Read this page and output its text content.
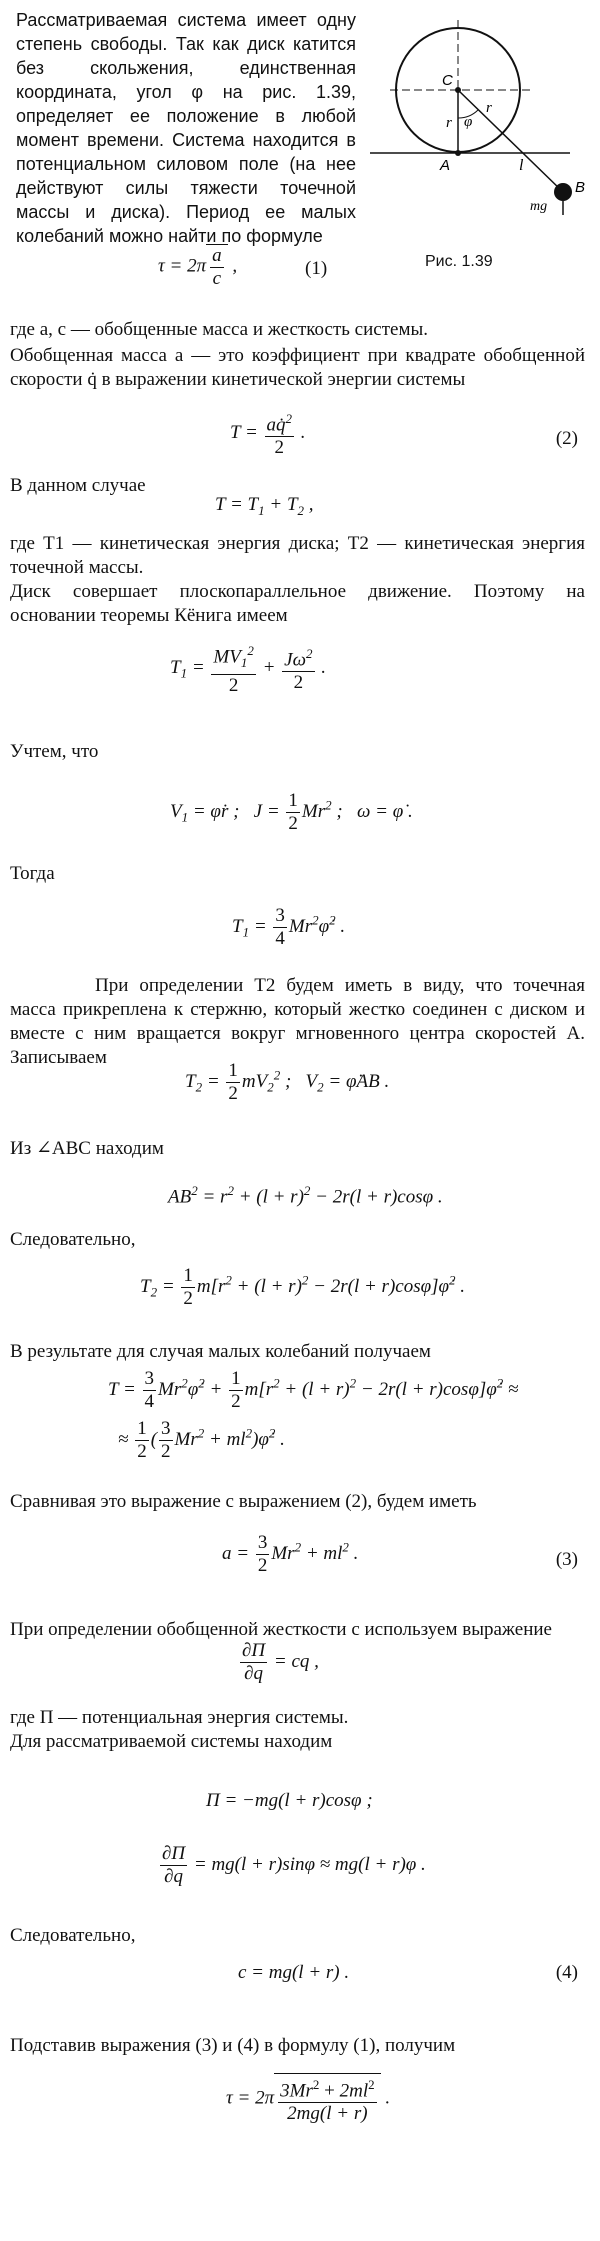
Рассматриваемая система имеет одну степень свободы. Так как диск катится без скольжения, единственная координата, угол φ на рис. 1.39, определяет ее положение в любой момент времени. Система находится в потенциальном силовом поле (на нее действуют силы тяжести точечной массы и диска). Период ее малых колебаний можно найти по формуле

C
r
r
φ
A	l
B
mg
Рис. 1.39
$\tau = 2\pi \frac{a}{c}$ ,	(1)

где a, c — обобщенные масса и жесткость системы.

Обобщенная масса a — это коэффициент при квадрате обобщенной скорости q̇ в выражении кинетической энергии системы

$T = \frac{aq̇^2}{2}$ .	(2)

В данном случае

$T = T_1 + T_2$ ,

где T1 — кинетическая энергия диска; T2 — кинетическая энергия точечной массы.

Диск совершает плоскопараллельное движение. Поэтому на основании теоремы Кёнига имеем

$T_1 = \frac{MV_1^2}{2} + \frac{J\omega^2}{2}$ .

Учтем, что

$V_1$ = φ̇r ;   $J = \frac{1}{2} Mr^2$ ;   ω = φ̇ .

Тогда

$T_1 = \frac{3}{4}$ Mr$^2$φ̇$^2$ .

При определении T2 будем иметь в виду, что точечная масса прикреплена к стержню, который жестко соединен с диском и вместе с ним вращается вокруг мгновенного центра скоростей A. Записываем

$T_2 = \frac{1}{2} mV_2^2$ ;   $V_2$ = φ̇AB .

Из ∠ABC находим

$AB^2 = r^2 + (l + r)^2 - 2r(l + r)\cos\varphi$ .

Следовательно,

$T_2 = \frac{1}{2} m[r^2 + (l + r)^2 - 2r(l$ + r)cosφ]φ̇$^2$ .

В результате для случая малых колебаний получаем

$T = \frac{3}{4}$ $Mr^2\varphi̇^2 + \frac{1}{2} m[r^2 + (l + r)^2 - 2r(l$ + r)cosφ]φ̇$^2$ ≈
≈ $\frac{1}{2}$ ( $\frac{3}{2} Mr^2$ + $ml^2)\varphi̇^2$ .

Сравнивая это выражение с выражением (2), будем иметь

$a = \frac{3}{2} Mr^2 + ml^2$ .	(3)

При определении обобщенной жесткости c используем выражение

$\frac{\partial П}{\partial q}$ = cq ,

где П — потенциальная энергия системы.

Для рассматриваемой системы находим

П = −mg(l + r)cosφ ;
$\frac{\partial П}{\partial q} = mg(l + r)\sin\varphi \approx mg(l + r)\varphi$ .

Следовательно,

c = mg(l + r) .	(4)

Подставив выражения (3) и (4) в формулу (1), получим

$\tau = 2\pi \frac{3Mr^2 + 2ml^2}{2mg(l + r)}$ .
